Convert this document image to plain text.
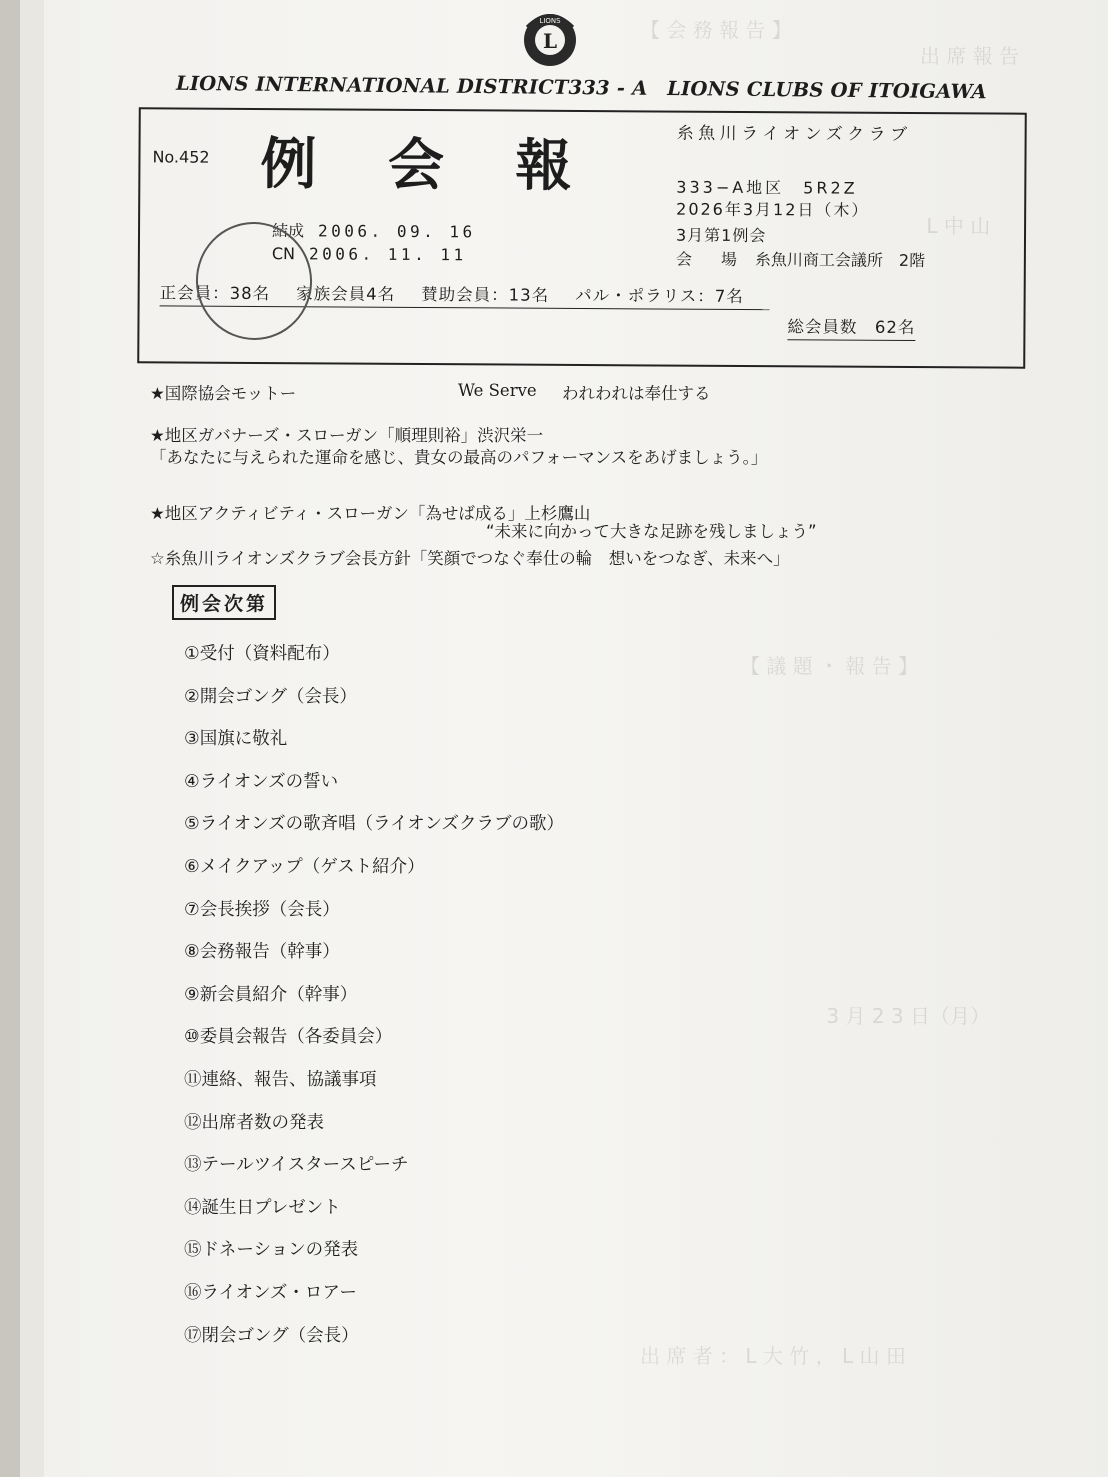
【 会 務 報 告 】
出 席 報 告
　　 L 中 山
【 議 題 ・ 報 告 】
　 3 月 2 3 日（月）
出 席 者 ： L 大 竹 ， L 山 田
L
LIONS
LIONS INTERNATIONAL DISTRICT333 - A　LIONS CLUBS OF ITOIGAWA
No.452 例 会 報	糸魚川ライオンズクラブ
333−A地区　5R2Z
2026年3月12日（木）
3月第1例会
会 場 糸魚川商工会議所　2階
結成 2006. 09. 16
CN 2006. 11. 11
正会員：38名 家族会員4名 賛助会員：13名 パル・ポラリス：7名
総会員数　62名
★国際協会モットー	We Serve われわれは奉仕する
★地区ガバナーズ・スローガン「順理則裕」渋沢栄一
「あなたに与えられた運命を感じ、貴女の最高のパフォーマンスをあげましょう。」
★地区アクティビティ・スローガン「為せば成る」上杉鷹山
“未来に向かって大きな足跡を残しましょう”
☆糸魚川ライオンズクラブ会長方針「笑顔でつなぐ奉仕の輪　想いをつなぎ、未来へ」
例会次第
①受付（資料配布）
②開会ゴング（会長）
③国旗に敬礼
④ライオンズの誓い
⑤ライオンズの歌斉唱（ライオンズクラブの歌）
⑥メイクアップ（ゲスト紹介）
⑦会長挨拶（会長）
⑧会務報告（幹事）
⑨新会員紹介（幹事）
⑩委員会報告（各委員会）
⑪連絡、報告、協議事項
⑫出席者数の発表
⑬テールツイスタースピーチ
⑭誕生日プレゼント
⑮ドネーションの発表
⑯ライオンズ・ロアー
⑰閉会ゴング（会長）
